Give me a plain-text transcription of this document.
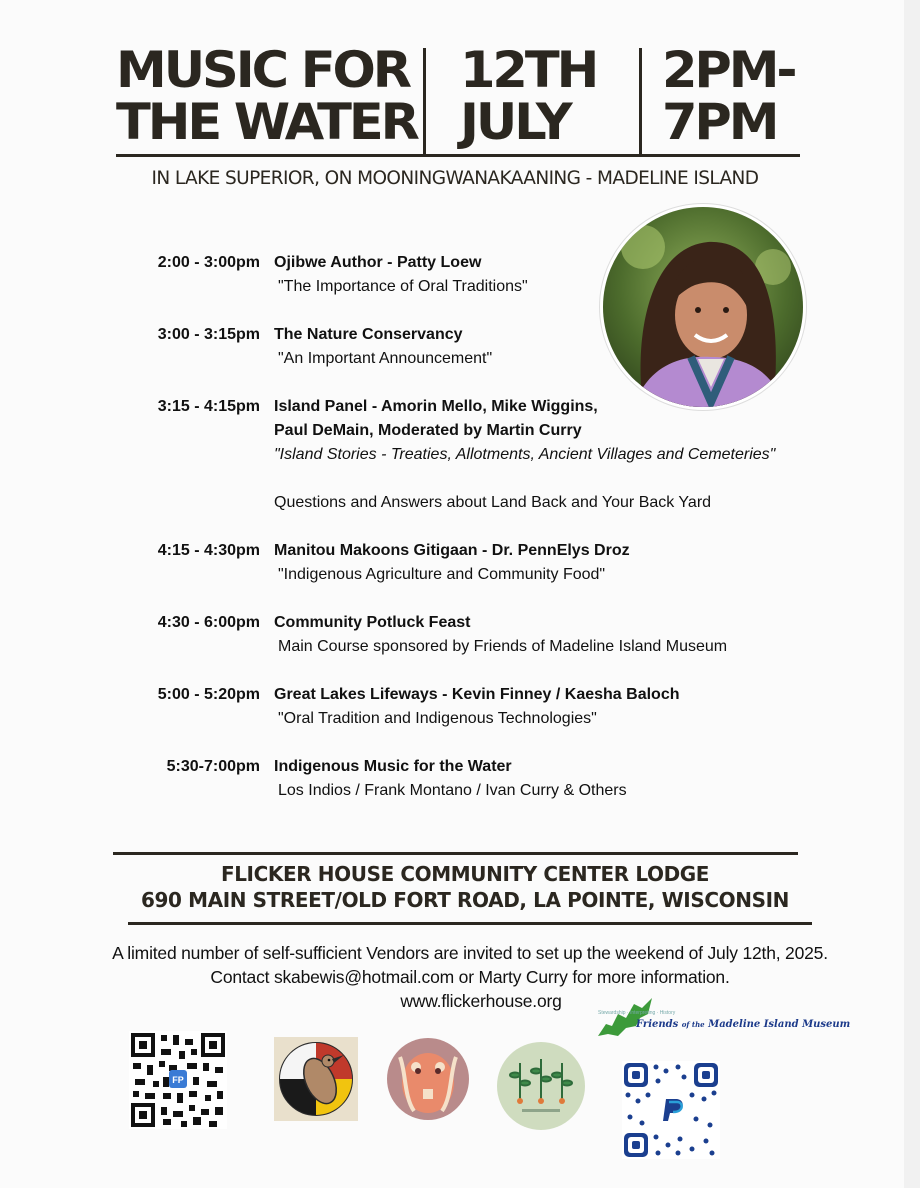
MUSIC FOR
THE WATER
12TH
JULY
2PM-
7PM
IN LAKE SUPERIOR, ON MOONINGWANAKAANING - MADELINE ISLAND
2:00 - 3:00pm Ojibwe Author - Patty Loew
"The Importance of Oral Traditions"
3:00 - 3:15pm The Nature Conservancy
"An Important Announcement"
3:15 - 4:15pm Island Panel - Amorin Mello, Mike Wiggins,
Paul DeMain, Moderated by Martin Curry
"Island Stories - Treaties, Allotments, Ancient Villages and Cemeteries"
Questions and Answers about Land Back and Your Back Yard
4:15 - 4:30pm Manitou Makoons Gitigaan - Dr. PennElys Droz
"Indigenous Agriculture and Community Food"
4:30 - 6:00pm Community Potluck Feast
Main Course sponsored by Friends of Madeline Island Museum
5:00 - 5:20pm Great Lakes Lifeways - Kevin Finney / Kaesha Baloch
"Oral Tradition and Indigenous Technologies"
5:30-7:00pm Indigenous Music for the Water
Los Indios / Frank Montano / Ivan Curry & Others
FLICKER HOUSE COMMUNITY CENTER LODGE
690 MAIN STREET/OLD FORT ROAD, LA POINTE, WISCONSIN
A limited number of self-sufficient Vendors are invited to set up the weekend of July 12th, 2025.
Contact skabewis@hotmail.com or Marty Curry for more information.
www.flickerhouse.org
FP
Stewardship · Interpreting · History
Friends of the Madeline Island Museum
